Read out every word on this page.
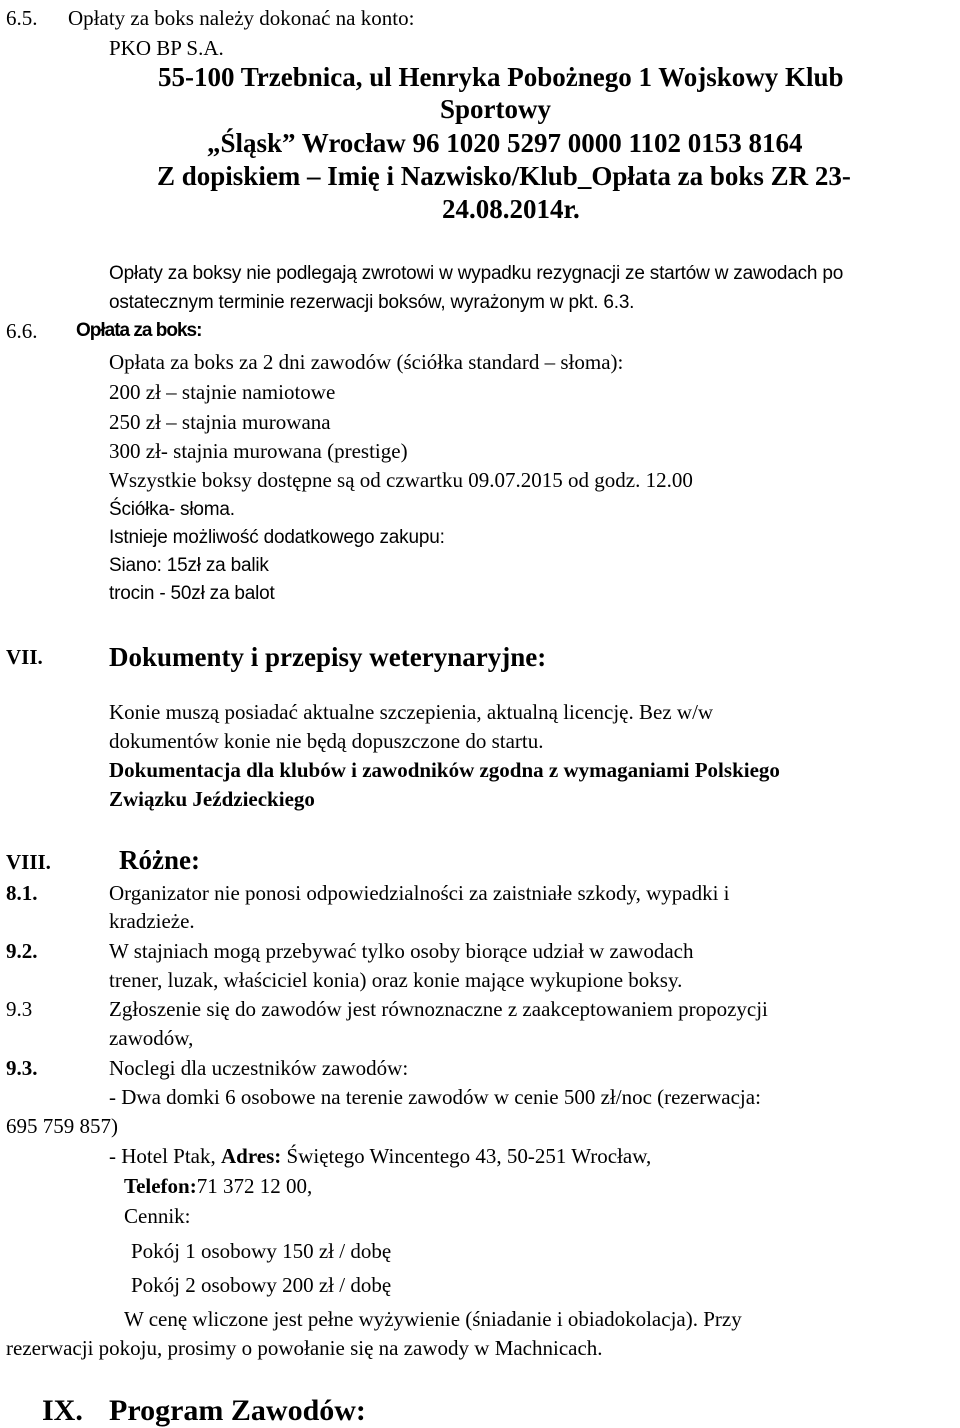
6.5. Opłaty za boks należy dokonać na konto:
PKO BP S.A.
55-100 Trzebnica, ul Henryka Pobożnego 1 Wojskowy Klub
Sportowy
„Śląsk” Wrocław 96 1020 5297 0000 1102 0153 8164
Z dopiskiem – Imię i Nazwisko/Klub_Opłata za boks ZR 23-
24.08.2014r.
Opłaty za boksy nie podlegają zwrotowi w wypadku rezygnacji ze startów w zawodach po
ostatecznym terminie rezerwacji boksów, wyrażonym w pkt. 6.3.
6.6. Opłata za boks:
Opłata za boks za 2 dni zawodów (ściółka standard – słoma):
200 zł – stajnie namiotowe
250 zł – stajnia murowana
300 zł- stajnia murowana (prestige)
Wszystkie boksy dostępne są od czwartku 09.07.2015 od godz. 12.00
Ściółka- słoma.
Istnieje możliwość dodatkowego zakupu:
Siano: 15zł za balik
trocin - 50zł za balot
VII. Dokumenty i przepisy weterynaryjne:
Konie muszą posiadać aktualne szczepienia, aktualną licencję. Bez w/w
dokumentów konie nie będą dopuszczone do startu.
Dokumentacja dla klubów i zawodników zgodna z wymaganiami Polskiego
Związku Jeździeckiego
VIII.	Różne:
8.1.	Organizator nie ponosi odpowiedzialności za zaistniałe szkody, wypadki i
kradzieże.
9.2.	W stajniach mogą przebywać tylko osoby biorące udział w zawodach
trener, luzak, właściciel konia) oraz konie mające wykupione boksy.
9.3	Zgłoszenie się do zawodów jest równoznaczne z zaakceptowaniem propozycji
zawodów,
9.3.	Noclegi dla uczestników zawodów:
- Dwa domki 6 osobowe na terenie zawodów w cenie 500 zł/noc (rezerwacja:
695 759 857)
- Hotel Ptak, Adres: Świętego Wincentego 43, 50-251 Wrocław,
Telefon:71 372 12 00,
Cennik:
Pokój 1 osobowy 150 zł / dobę
Pokój 2 osobowy 200 zł / dobę
W cenę wliczone jest pełne wyżywienie (śniadanie i obiadokolacja). Przy
rezerwacji pokoju, prosimy o powołanie się na zawody w Machnicach.
IX. Program Zawodów:
